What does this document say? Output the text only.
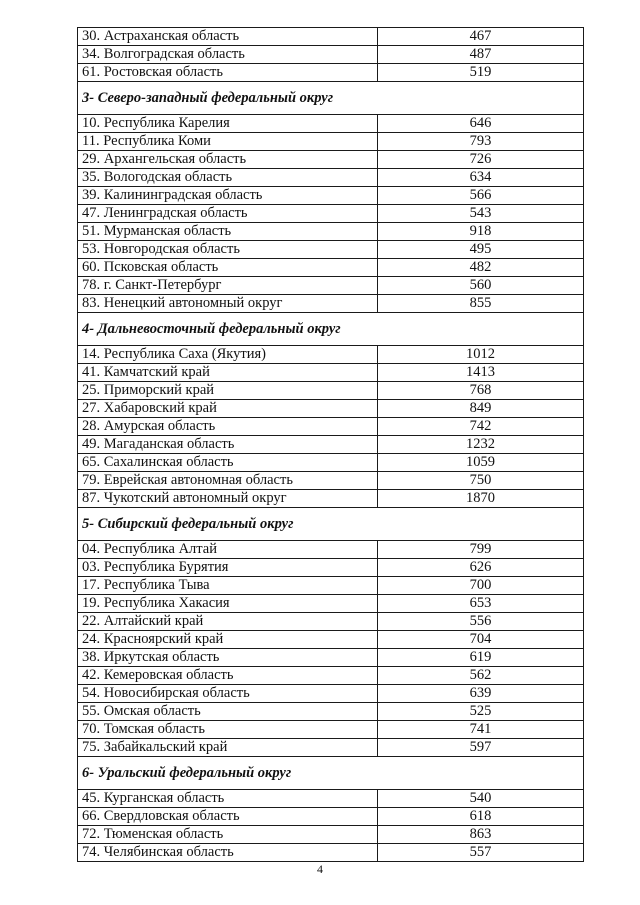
30. Астраханская область	467
34. Волгоградская область	487
61. Ростовская область	519
3- Северо-западный федеральный округ	
10. Республика Карелия	646
11. Республика Коми	793
29. Архангельская область	726
35. Вологодская область	634
39. Калининградская область	566
47. Ленинградская область	543
51. Мурманская область	918
53. Новгородская область	495
60. Псковская область	482
78. г. Санкт-Петербург	560
83. Ненецкий автономный округ	855
4- Дальневосточный федеральный округ	
14. Республика Саха (Якутия)	1012
41. Камчатский край	1413
25. Приморский край	768
27. Хабаровский край	849
28. Амурская область	742
49. Магаданская область	1232
65. Сахалинская область	1059
79. Еврейская автономная область	750
87. Чукотский автономный округ	1870
5- Сибирский федеральный округ	
04. Республика Алтай	799
03. Республика Бурятия	626
17. Республика Тыва	700
19. Республика Хакасия	653
22. Алтайский край	556
24. Красноярский край	704
38. Иркутская область	619
42. Кемеровская область	562
54. Новосибирская область	639
55. Омская область	525
70. Томская область	741
75. Забайкальский край	597
6- Уральский федеральный округ	
45. Курганская область	540
66. Свердловская область	618
72. Тюменская область	863
74. Челябинская область	557
4
